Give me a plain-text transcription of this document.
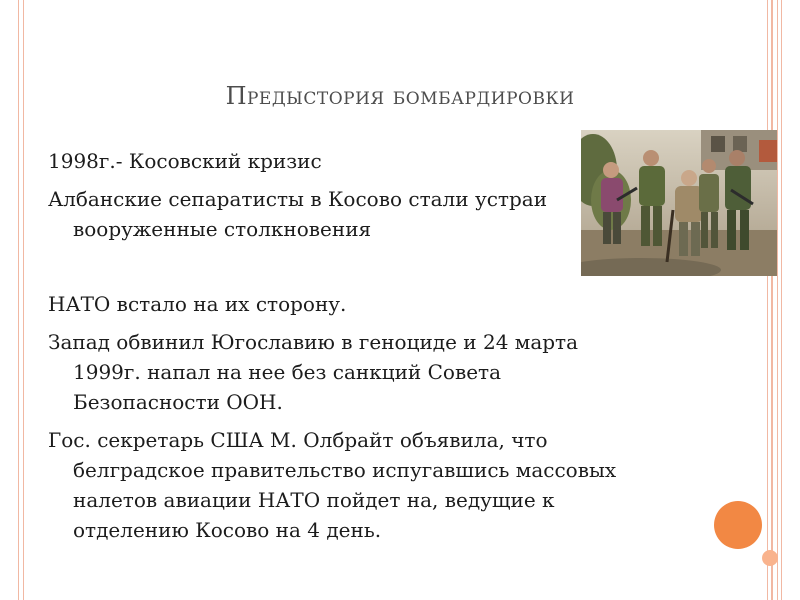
Предыстория бомбардировки
1998г.- Косовский кризис
Албанские сепаратисты в Косово стали устраи
вооруженные столкновения
НАТО встало на их сторону.
Запад обвинил Югославию в геноциде и 24 марта
1999г. напал на нее без санкций Совета
Безопасности ООН.
Гос. секретарь США М. Олбрайт объявила, что
белградское правительство испугавшись массовых
налетов авиации НАТО пойдет на, ведущие к
отделению Косово на 4 день.
